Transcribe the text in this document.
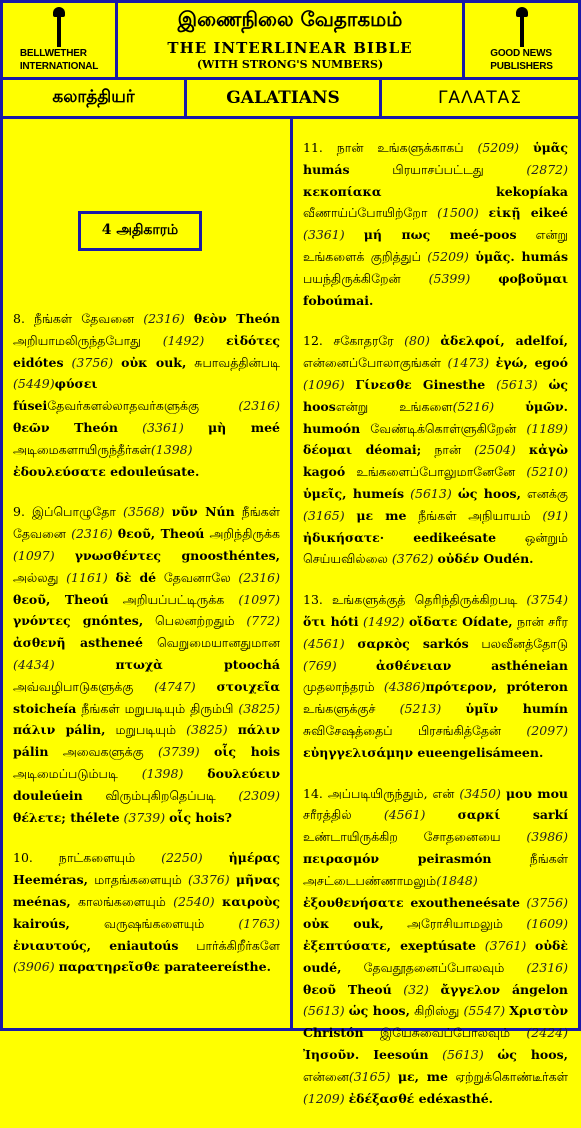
BELLWETHER
INTERNATIONAL
இணைநிலை வேதாகமம்
THE INTERLINEAR BIBLE
(WITH STRONG'S NUMBERS)
GOOD NEWS
PUBLISHERS
கலாத்தியர்	GALATIANS	ΓΑΛΑΤΑΣ
4 அதிகாரம்

8. நீங்கள் தேவனை (2316) θεὸν Theón அறியாமலிருந்தபோது (1492) εἰδότες eidótes (3756) οὐκ ouk, சுபாவத்தின்படி (5449)φύσει fúseiதேவர்களல்லாதவர்களுக்கு (2316) θεῶν Theón (3361) μὴ meé அடிமைகளாயிருந்தீர்கள்(1398) ἐδουλεύσατε edouleúsate.

9. இப்பொழுதோ (3568) νῦν Nún நீங்கள் தேவனை (2316) θεοῦ, Theoú அறிந்திருக்க (1097) γνωσθέντες gnoosthéntes, அல்லது (1161) δὲ dé தேவனாலே (2316) θεοῦ, Theoú அறியப்பட்டிருக்க (1097) γνόντες gnóntes, பெலனற்றதும் (772) ἀσθενῆ astheneé வெறுமையானதுமான (4434)	πτωχὰ ptoochá அவ்வழிபாடுகளுக்கு (4747) στοιχεῖα stoicheía நீங்கள் மறுபடியும் திரும்பி (3825) πάλιν pálin, மறுபடியும் (3825) πάλιν pálin அவைகளுக்கு (3739) οἷς hois அடிமைப்படும்படி (1398) δουλεύειν douleúein விரும்புகிறதெப்படி (2309) θέλετε; thélete (3739) οἷς hois?

10. நாட்களையும் (2250) ἡμέρας Heeméras, மாதங்களையும் (3376) μῆνας meénas, காலங்களையும் (2540) καιροὺς kairoús, வருஷங்களையும் (1763) ἐνιαυτούς, eniautoús பார்க்கிறீர்களே (3906) παρατηρεῖσθε parateereísthe.

11. நான் உங்களுக்காகப் (5209) ὑμᾶς humás பிரயாசப்பட்டது (2872) κεκοπίακα kekopíaka வீணாய்ப்போயிற்றோ (1500) εἰκῇ eikeé (3361) μή πως meé-poos என்று உங்களைக் குறித்துப் (5209) ὑμᾶς. humás பயந்திருக்கிறேன் (5399) φοβοῦμαι foboúmai.

12. சகோதரரே (80) ἀδελφοί, adelfoí, என்னைப்போலாகுங்கள் (1473) ἐγώ, egoó (1096) Γίνεσθε Ginesthe (5613) ὡς hoosஎன்று உங்களை(5216) ὑμῶν. humoón வேண்டிக்கொள்ளுகிறேன் (1189) δέομαι déomai; நான் (2504) κἀγὼ kagoó உங்களைப்போலுமானேனே (5210) ὑμεῖς, humeís (5613) ὡς hoos, எனக்கு (3165) με me நீங்கள் அநியாயம் (91) ἠδικήσατε· eedikeésate ஒன்றும் செய்யவில்லை (3762) οὐδέν Oudén.

13. உங்களுக்குத் தெரிந்திருக்கிறபடி (3754) ὅτι hóti (1492) οἴδατε Oídate, நான் சரீர (4561) σαρκὸς sarkós பலவீனத்தோடு (769)	ἀσθένειαν asthéneian முதலாந்தரம் (4386)πρότερον, próteron உங்களுக்குச் (5213) ὑμῖν humín சுவிசேஷத்தைப் பிரசங்கித்தேன் (2097) εὐηγγελισάμην eueengelisámeen.

14. அப்படியிருந்தும், என் (3450) μου mou சரீரத்தில் (4561)	σαρκί sarkí உண்டாயிருக்கிற சோதனையை (3986) πειρασμόν peirasmón நீங்கள் அசட்டைபண்ணாமலும்(1848) ἐξουθενήσατε exoutheneésate (3756) οὐκ ouk, அரோசியாமலும் (1609) ἐξεπτύσατε, exeptúsate (3761) οὐδὲ oudé, தேவதூதனைப்போலவும் (2316) θεοῦ Theoú (32) ἄγγελον ángelon (5613) ὡς hoos, கிறிஸ்து (5547) Χριστὸν Christón இயேசுவைப்போலவும் (2424) Ἰησοῦν. Ieesoún (5613) ὡς hoos, என்னை(3165) με, me ஏற்றுக்கொண்டீர்கள் (1209) ἐδέξασθέ edéxasthé.
